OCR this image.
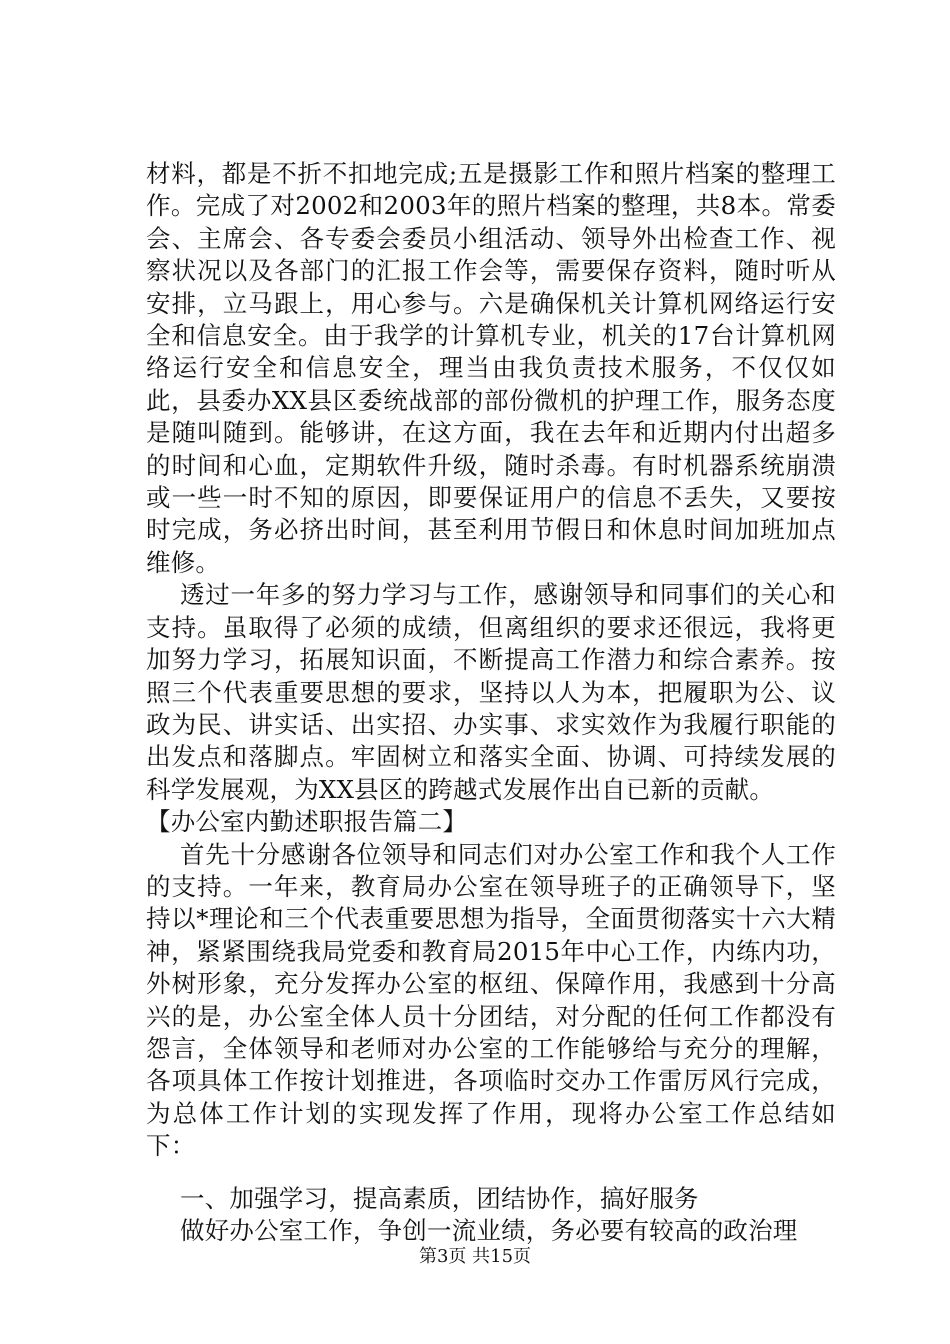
材料，都是不折不扣地完成;五是摄影工作和照片档案的整理工作。完成了对2002和2003年的照片档案的整理，共8本。常委会、主席会、各专委会委员小组活动、领导外出检查工作、视察状况以及各部门的汇报工作会等，需要保存资料，随时听从安排，立马跟上，用心参与。六是确保机关计算机网络运行安全和信息安全。由于我学的计算机专业，机关的17台计算机网络运行安全和信息安全，理当由我负责技术服务，不仅仅如此，县委办XX县区委统战部的部份微机的护理工作，服务态度是随叫随到。能够讲，在这方面，我在去年和近期内付出超多的时间和心血，定期软件升级，随时杀毒。有时机器系统崩溃或一些一时不知的原因，即要保证用户的信息不丢失，又要按时完成，务必挤出时间，甚至利用节假日和休息时间加班加点维修。

透过一年多的努力学习与工作，感谢领导和同事们的关心和支持。虽取得了必须的成绩，但离组织的要求还很远，我将更加努力学习，拓展知识面，不断提高工作潜力和综合素养。按照三个代表重要思想的要求，坚持以人为本，把履职为公、议政为民、讲实话、出实招、办实事、求实效作为我履行职能的出发点和落脚点。牢固树立和落实全面、协调、可持续发展的科学发展观，为XX县区的跨越式发展作出自已新的贡献。

【办公室内勤述职报告篇二】

首先十分感谢各位领导和同志们对办公室工作和我个人工作的支持。一年来，教育局办公室在领导班子的正确领导下，坚持以*理论和三个代表重要思想为指导，全面贯彻落实十六大精神，紧紧围绕我局党委和教育局2015年中心工作，内练内功，外树形象，充分发挥办公室的枢纽、保障作用，我感到十分高兴的是，办公室全体人员十分团结，对分配的任何工作都没有怨言，全体领导和老师对办公室的工作能够给与充分的理解，各项具体工作按计划推进，各项临时交办工作雷厉风行完成，为总体工作计划的实现发挥了作用，现将办公室工作总结如下：

一、加强学习，提高素质，团结协作，搞好服务

做好办公室工作，争创一流业绩，务必要有较高的政治理

第3页 共15页
